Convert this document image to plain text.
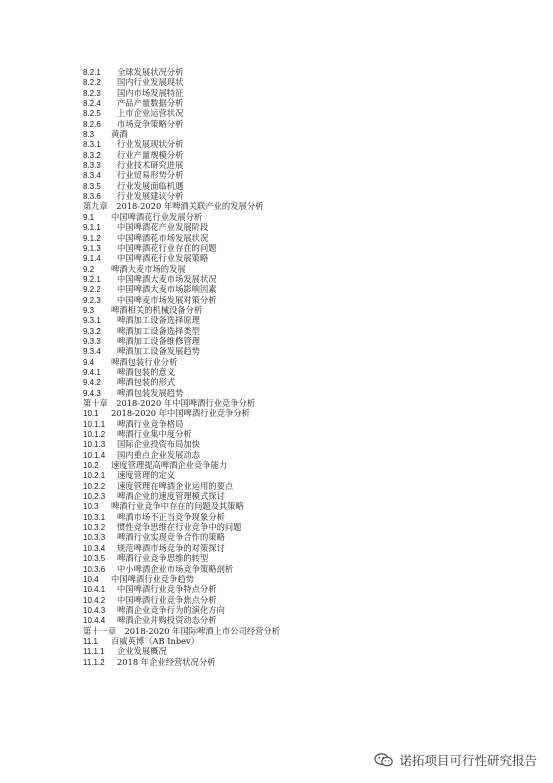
8.2.1 全球发展状况分析
8.2.2 国内行业发展现状
8.2.3 国内市场发展特征
8.2.4 产品产量数据分析
8.2.5 上市企业运营状况
8.2.6 市场竞争策略分析
8.3 黄酒
8.3.1 行业发展现状分析
8.3.2 行业产量规模分析
8.3.3 行业技术研究进展
8.3.4 行业贸易形势分析
8.3.5 行业发展面临机遇
8.3.6 行业发展建议分析
第九章　2018-2020 年啤酒关联产业的发展分析
9.1 中国啤酒花行业发展分析
9.1.1 中国啤酒花产业发展阶段
9.1.2 中国啤酒花市场发展状况
9.1.3 中国啤酒花行业存在的问题
9.1.4 中国啤酒花行业发展策略
9.2 啤酒大麦市场的发展
9.2.1 中国啤酒大麦市场发展状况
9.2.2 中国啤酒大麦市场影响因素
9.2.3 中国啤麦市场发展对策分析
9.3 啤酒相关的机械设备分析
9.3.1 啤酒加工设备选择原理
9.3.2 啤酒加工设备选择类型
9.3.3 啤酒加工设备维修管理
9.3.4 啤酒加工设备发展趋势
9.4 啤酒包装行业分析
9.4.1 啤酒包装的意义
9.4.2 啤酒包装的形式
9.4.3 啤酒包装发展趋势
第十章　2018-2020 年中国啤酒行业竞争分析
10.1 2018-2020 年中国啤酒行业竞争分析
10.1.1 啤酒行业竞争格局
10.1.2 啤酒行业集中度分析
10.1.3 国际企业投资布局加快
10.1.4 国内重点企业发展动态
10.2 速度管理提高啤酒企业竞争能力
10.2.1 速度管理的定义
10.2.2 速度管理在啤酒企业运用的要点
10.2.3 啤酒企业的速度管理模式探讨
10.3 啤酒行业竞争中存在的问题及其策略
10.3.1 啤酒市场不正当竞争现象分析
10.3.2 惯性竞争思维在行业竞争中的问题
10.3.3 啤酒行业实现竞争合作的策略
10.3.4 规范啤酒市场竞争的对策探讨
10.3.5 啤酒行业竞争思维的转型
10.3.6 中小啤酒企业市场竞争策略剖析
10.4 中国啤酒行业竞争趋势
10.4.1 中国啤酒行业竞争特点分析
10.4.2 中国啤酒行业竞争焦点分析
10.4.3 啤酒企业竞争行为的演化方向
10.4.4 啤酒企业并购投资动态分析
第十一章　2018-2020 年国际啤酒上市公司经营分析
11.1 百威英博（AB Inbev）
11.1.1 企业发展概况
11.1.2 2018 年企业经营状况分析
诺拓项目可行性研究报告
